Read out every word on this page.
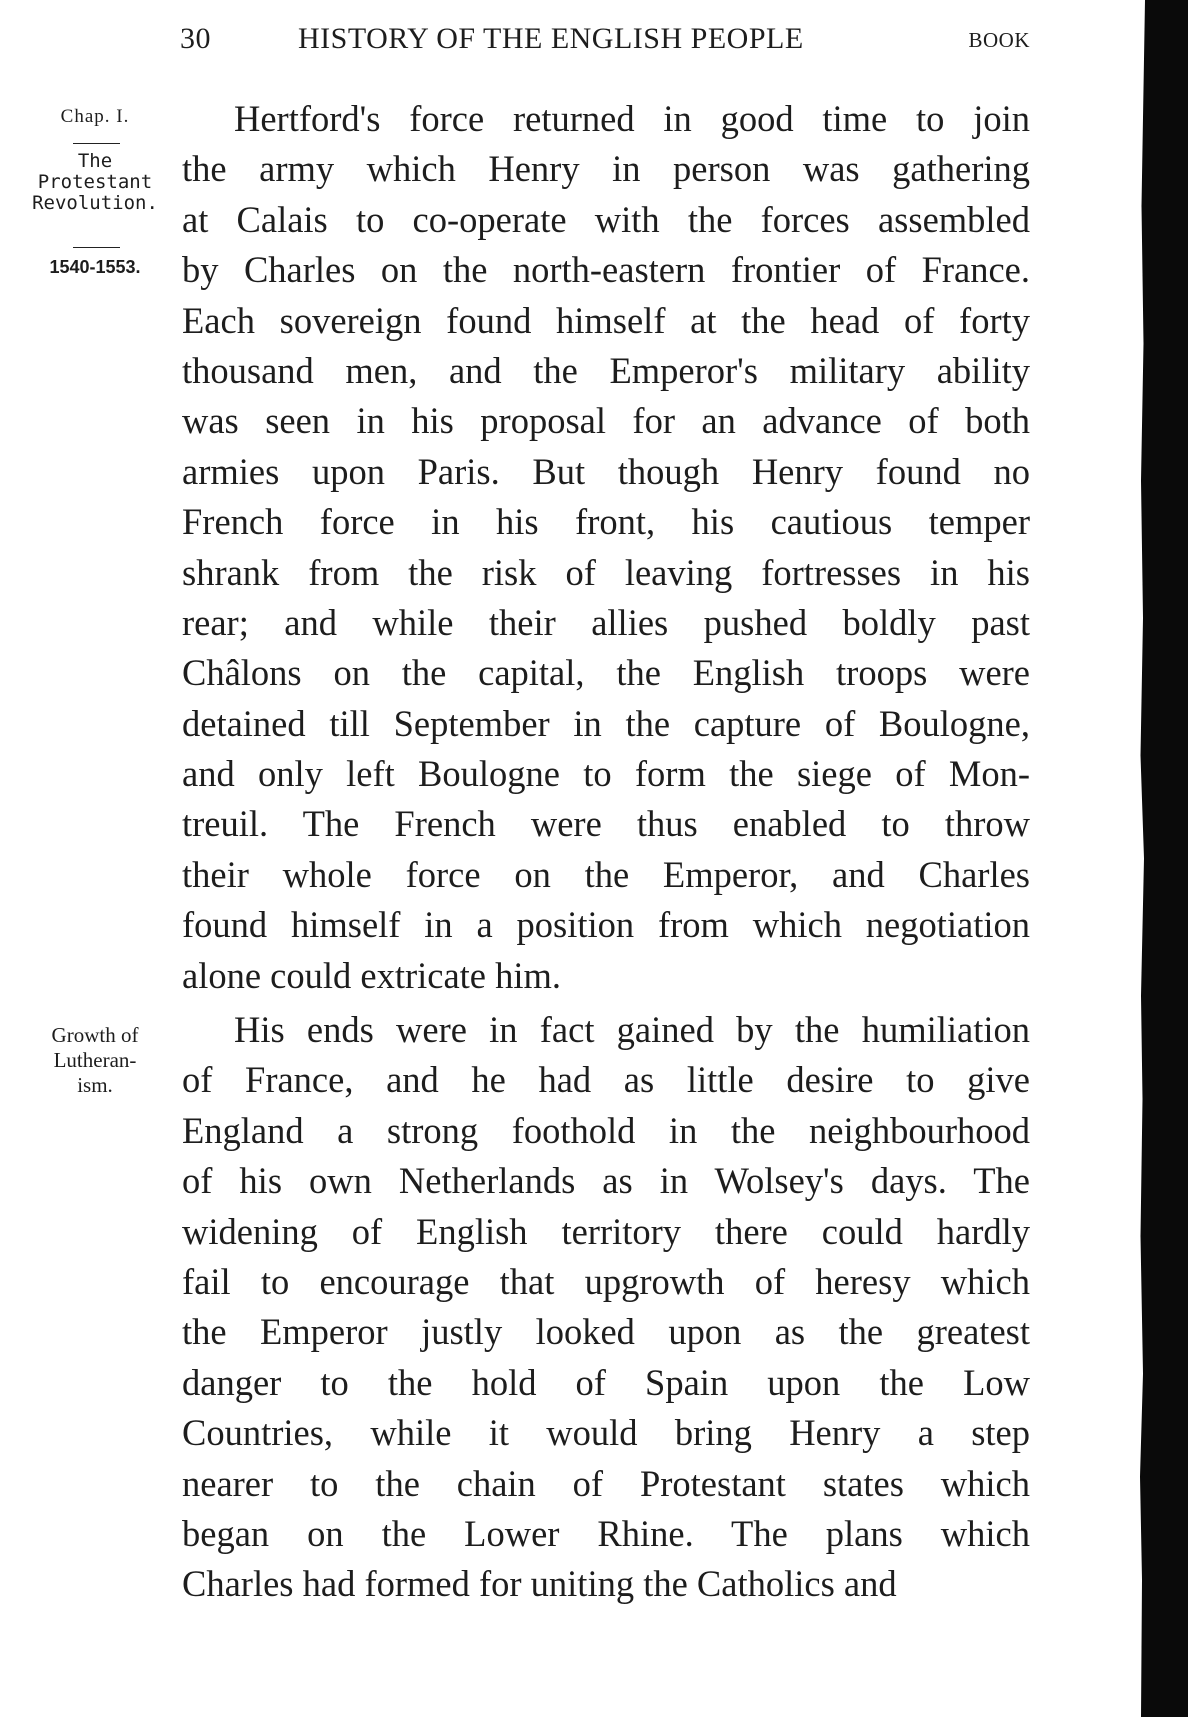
30	HISTORY OF THE ENGLISH PEOPLE	BOOK
Chap. I.
The
Protestant
Revolution.
1540-1553.
Growth of
Lutheran-
ism.
Hertford's force returned in good time to join
the army which Henry in person was gathering
at Calais to co-operate with the forces assembled
by Charles on the north-eastern frontier of France.
Each sovereign found himself at the head of forty
thousand men, and the Emperor's military ability
was seen in his proposal for an advance of both
armies upon Paris. But though Henry found no
French force in his front, his cautious temper
shrank from the risk of leaving fortresses in his
rear; and while their allies pushed boldly past
Châlons on the capital, the English troops were
detained till September in the capture of Boulogne,
and only left Boulogne to form the siege of Mon-
treuil. The French were thus enabled to throw
their whole force on the Emperor, and Charles
found himself in a position from which negotiation
alone could extricate him.
His ends were in fact gained by the humiliation
of France, and he had as little desire to give
England a strong foothold in the neighbourhood
of his own Netherlands as in Wolsey's days. The
widening of English territory there could hardly
fail to encourage that upgrowth of heresy which
the Emperor justly looked upon as the greatest
danger to the hold of Spain upon the Low
Countries, while it would bring Henry a step
nearer to the chain of Protestant states which
began on the Lower Rhine. The plans which
Charles had formed for uniting the Catholics and
